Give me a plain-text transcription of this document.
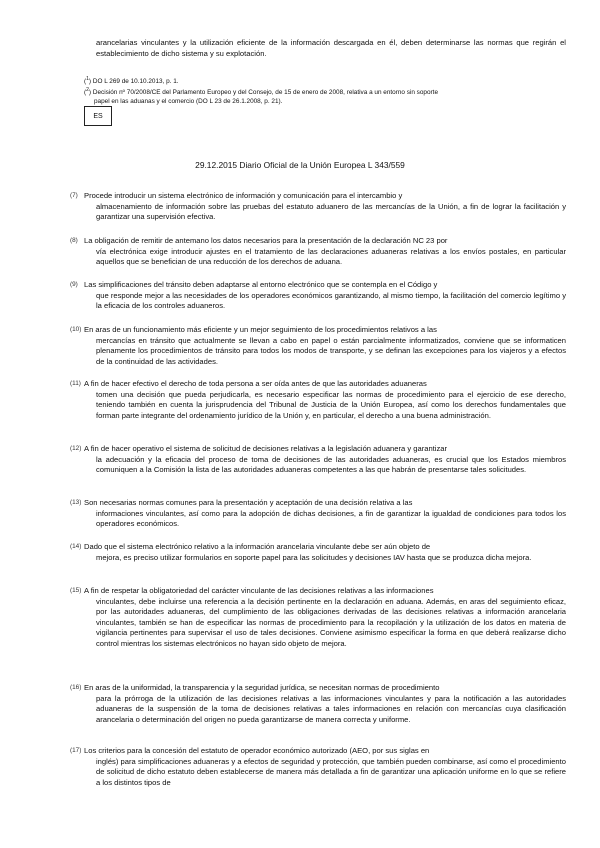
arancelarias vinculantes y la utilización eficiente de la información descargada en él, deben determinarse las normas que regirán el establecimiento de dicho sistema y su explotación.

($^1$) DO L 269 de 10.10.2013, p. 1.

($^2$) Decisión nº 70/2008/CE del Parlamento Europeo y del Consejo, de 15 de enero de 2008, relativa a un entorno sin soporte
papel en las aduanas y el comercio (DO L 23 de 26.1.2008, p. 21).

ES
29.12.2015 Diario Oficial de la Unión Europea L 343/559
(7) Procede introducir un sistema electrónico de información y comunicación para el intercambio y
almacenamiento de información sobre las pruebas del estatuto aduanero de las mercancías de la Unión, a fin de lograr la facilitación y garantizar una supervisión efectiva.

(8) La obligación de remitir de antemano los datos necesarios para la presentación de la declaración NC 23 por
vía electrónica exige introducir ajustes en el tratamiento de las declaraciones aduaneras relativas a los envíos postales, en particular aquellos que se benefician de una reducción de los derechos de aduana.

(9) Las simplificaciones del tránsito deben adaptarse al entorno electrónico que se contempla en el Código y
que responde mejor a las necesidades de los operadores económicos garantizando, al mismo tiempo, la facilitación del comercio legítimo y la eficacia de los controles aduaneros.

(10) En aras de un funcionamiento más eficiente y un mejor seguimiento de los procedimientos relativos a las
mercancías en tránsito que actualmente se llevan a cabo en papel o están parcialmente informatizados, conviene que se informaticen plenamente los procedimientos de tránsito para todos los modos de transporte, y se definan las excepciones para los viajeros y a efectos de la continuidad de las actividades.

(11) A fin de hacer efectivo el derecho de toda persona a ser oída antes de que las autoridades aduaneras
tomen una decisión que pueda perjudicarla, es necesario especificar las normas de procedimiento para el ejercicio de ese derecho, teniendo también en cuenta la jurisprudencia del Tribunal de Justicia de la Unión Europea, así como los derechos fundamentales que forman parte integrante del ordenamiento jurídico de la Unión y, en particular, el derecho a una buena administración.

(12) A fin de hacer operativo el sistema de solicitud de decisiones relativas a la legislación aduanera y garantizar
la adecuación y la eficacia del proceso de toma de decisiones de las autoridades aduaneras, es crucial que los Estados miembros comuniquen a la Comisión la lista de las autoridades aduaneras competentes a las que habrán de presentarse tales solicitudes.

(13) Son necesarias normas comunes para la presentación y aceptación de una decisión relativa a las
informaciones vinculantes, así como para la adopción de dichas decisiones, a fin de garantizar la igualdad de condiciones para todos los operadores económicos.

(14) Dado que el sistema electrónico relativo a la información arancelaria vinculante debe ser aún objeto de
mejora, es preciso utilizar formularios en soporte papel para las solicitudes y decisiones IAV hasta que se produzca dicha mejora.

(15) A fin de respetar la obligatoriedad del carácter vinculante de las decisiones relativas a las informaciones
vinculantes, debe incluirse una referencia a la decisión pertinente en la declaración en aduana. Además, en aras del seguimiento eficaz, por las autoridades aduaneras, del cumplimiento de las obligaciones derivadas de las decisiones relativas a información arancelaria vinculantes, también se han de especificar las normas de procedimiento para la recopilación y la utilización de los datos en materia de vigilancia pertinentes para supervisar el uso de tales decisiones. Conviene asimismo especificar la forma en que deberá realizarse dicho control mientras los sistemas electrónicos no hayan sido objeto de mejora.

(16) En aras de la uniformidad, la transparencia y la seguridad jurídica, se necesitan normas de procedimiento
para la prórroga de la utilización de las decisiones relativas a las informaciones vinculantes y para la notificación a las autoridades aduaneras de la suspensión de la toma de decisiones relativas a tales informaciones en relación con mercancías cuya clasificación arancelaria o determinación del origen no pueda garantizarse de manera correcta y uniforme.

(17) Los criterios para la concesión del estatuto de operador económico autorizado (AEO, por sus siglas en
inglés) para simplificaciones aduaneras y a efectos de seguridad y protección, que también pueden combinarse, así como el procedimiento de solicitud de dicho estatuto deben establecerse de manera más detallada a fin de garantizar una aplicación uniforme en lo que se refiere a los distintos tipos de
